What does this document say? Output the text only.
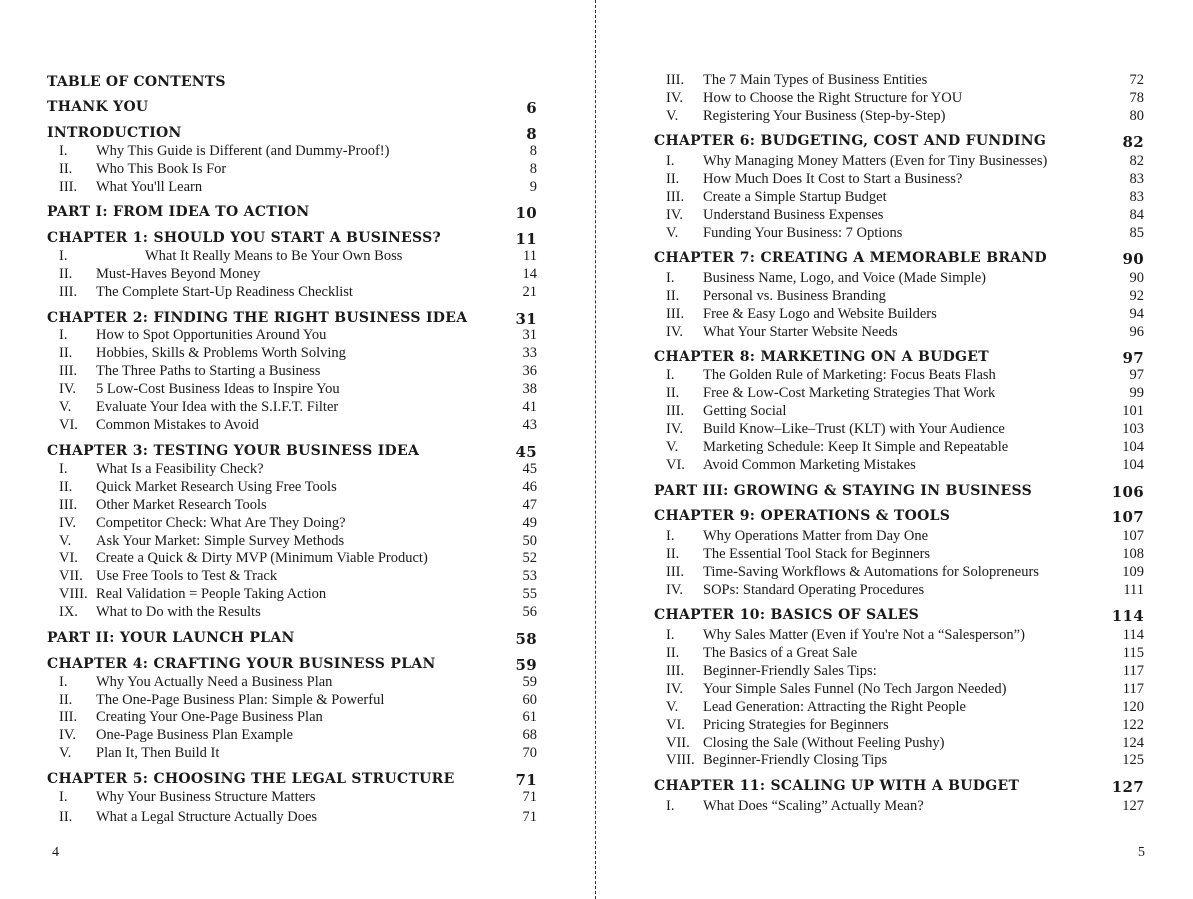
TABLE OF CONTENTS
THANK YOU	6
INTRODUCTION	8
I.	Why This Guide is Different (and Dummy-Proof!)	8
II.	Who This Book Is For	8
III.	What You'll Learn	9
PART I: FROM IDEA TO ACTION	10
CHAPTER 1: SHOULD YOU START A BUSINESS?	11
I.	What It Really Means to Be Your Own Boss	11
II.	Must-Haves Beyond Money	14
III.	The Complete Start-Up Readiness Checklist	21
CHAPTER 2: FINDING THE RIGHT BUSINESS IDEA	31
I.	How to Spot Opportunities Around You	31
II.	Hobbies, Skills & Problems Worth Solving	33
III.	The Three Paths to Starting a Business	36
IV.	5 Low-Cost Business Ideas to Inspire You	38
V.	Evaluate Your Idea with the S.I.F.T. Filter	41
VI.	Common Mistakes to Avoid	43
CHAPTER 3: TESTING YOUR BUSINESS IDEA	45
I.	What Is a Feasibility Check?	45
II.	Quick Market Research Using Free Tools	46
III.	Other Market Research Tools	47
IV.	Competitor Check: What Are They Doing?	49
V.	Ask Your Market: Simple Survey Methods	50
VI.	Create a Quick & Dirty MVP (Minimum Viable Product)	52
VII. Use Free Tools to Test & Track	53
VIII. Real Validation = People Taking Action	55
IX.	What to Do with the Results	56
PART II: YOUR LAUNCH PLAN	58
CHAPTER 4: CRAFTING YOUR BUSINESS PLAN	59
I.	Why You Actually Need a Business Plan	59
II.	The One-Page Business Plan: Simple & Powerful	60
III.	Creating Your One-Page Business Plan	61
IV.	One-Page Business Plan Example	68
V.	Plan It, Then Build It	70
CHAPTER 5: CHOOSING THE LEGAL STRUCTURE	71
I.	Why Your Business Structure Matters	71
II.	What a Legal Structure Actually Does	71
4
III.	The 7 Main Types of Business Entities	72
IV.	How to Choose the Right Structure for YOU	78
V.	Registering Your Business (Step-by-Step)	80
CHAPTER 6: BUDGETING, COST AND FUNDING	82
I.	Why Managing Money Matters (Even for Tiny Businesses)	82
II.	How Much Does It Cost to Start a Business?	83
III.	Create a Simple Startup Budget	83
IV.	Understand Business Expenses	84
V.	Funding Your Business: 7 Options	85
CHAPTER 7: CREATING A MEMORABLE BRAND	90
I.	Business Name, Logo, and Voice (Made Simple)	90
II.	Personal vs. Business Branding	92
III.	Free & Easy Logo and Website Builders	94
IV.	What Your Starter Website Needs	96
CHAPTER 8: MARKETING ON A BUDGET	97
I.	The Golden Rule of Marketing: Focus Beats Flash	97
II.	Free & Low-Cost Marketing Strategies That Work	99
III.	Getting Social	101
IV.	Build Know–Like–Trust (KLT) with Your Audience	103
V.	Marketing Schedule: Keep It Simple and Repeatable	104
VI.	Avoid Common Marketing Mistakes	104
PART III: GROWING & STAYING IN BUSINESS	106
CHAPTER 9: OPERATIONS & TOOLS	107
I.	Why Operations Matter from Day One	107
II.	The Essential Tool Stack for Beginners	108
III.	Time-Saving Workflows & Automations for Solopreneurs	109
IV.	SOPs: Standard Operating Procedures	111
CHAPTER 10: BASICS OF SALES	114
I.	Why Sales Matter (Even if You're Not a “Salesperson”)	114
II.	The Basics of a Great Sale	115
III.	Beginner-Friendly Sales Tips:	117
IV.	Your Simple Sales Funnel (No Tech Jargon Needed)	117
V.	Lead Generation: Attracting the Right People	120
VI.	Pricing Strategies for Beginners	122
VII. Closing the Sale (Without Feeling Pushy)	124
VIII. Beginner-Friendly Closing Tips	125
CHAPTER 11: SCALING UP WITH A BUDGET	127
I.	What Does “Scaling” Actually Mean?	127
5
